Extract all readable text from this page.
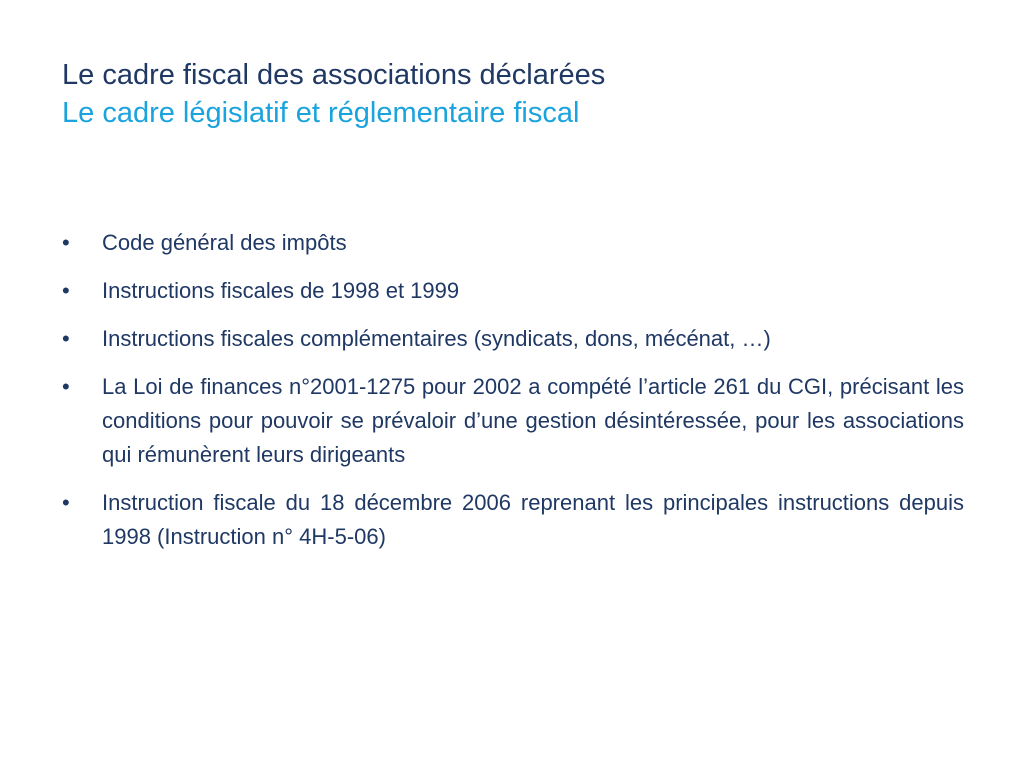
Le cadre fiscal des associations déclarées
Le cadre législatif et réglementaire fiscal
•	Code général des impôts
•	Instructions fiscales de 1998 et 1999
•	Instructions fiscales complémentaires (syndicats, dons, mécénat, …)
•	La Loi de finances n°2001-1275 pour 2002 a compété l’article 261 du CGI, précisant les conditions pour pouvoir se prévaloir d’une gestion désintéressée, pour les associations qui rémunèrent leurs dirigeants
•	Instruction fiscale du 18 décembre 2006 reprenant les principales instructions depuis 1998 (Instruction n° 4H-5-06)
